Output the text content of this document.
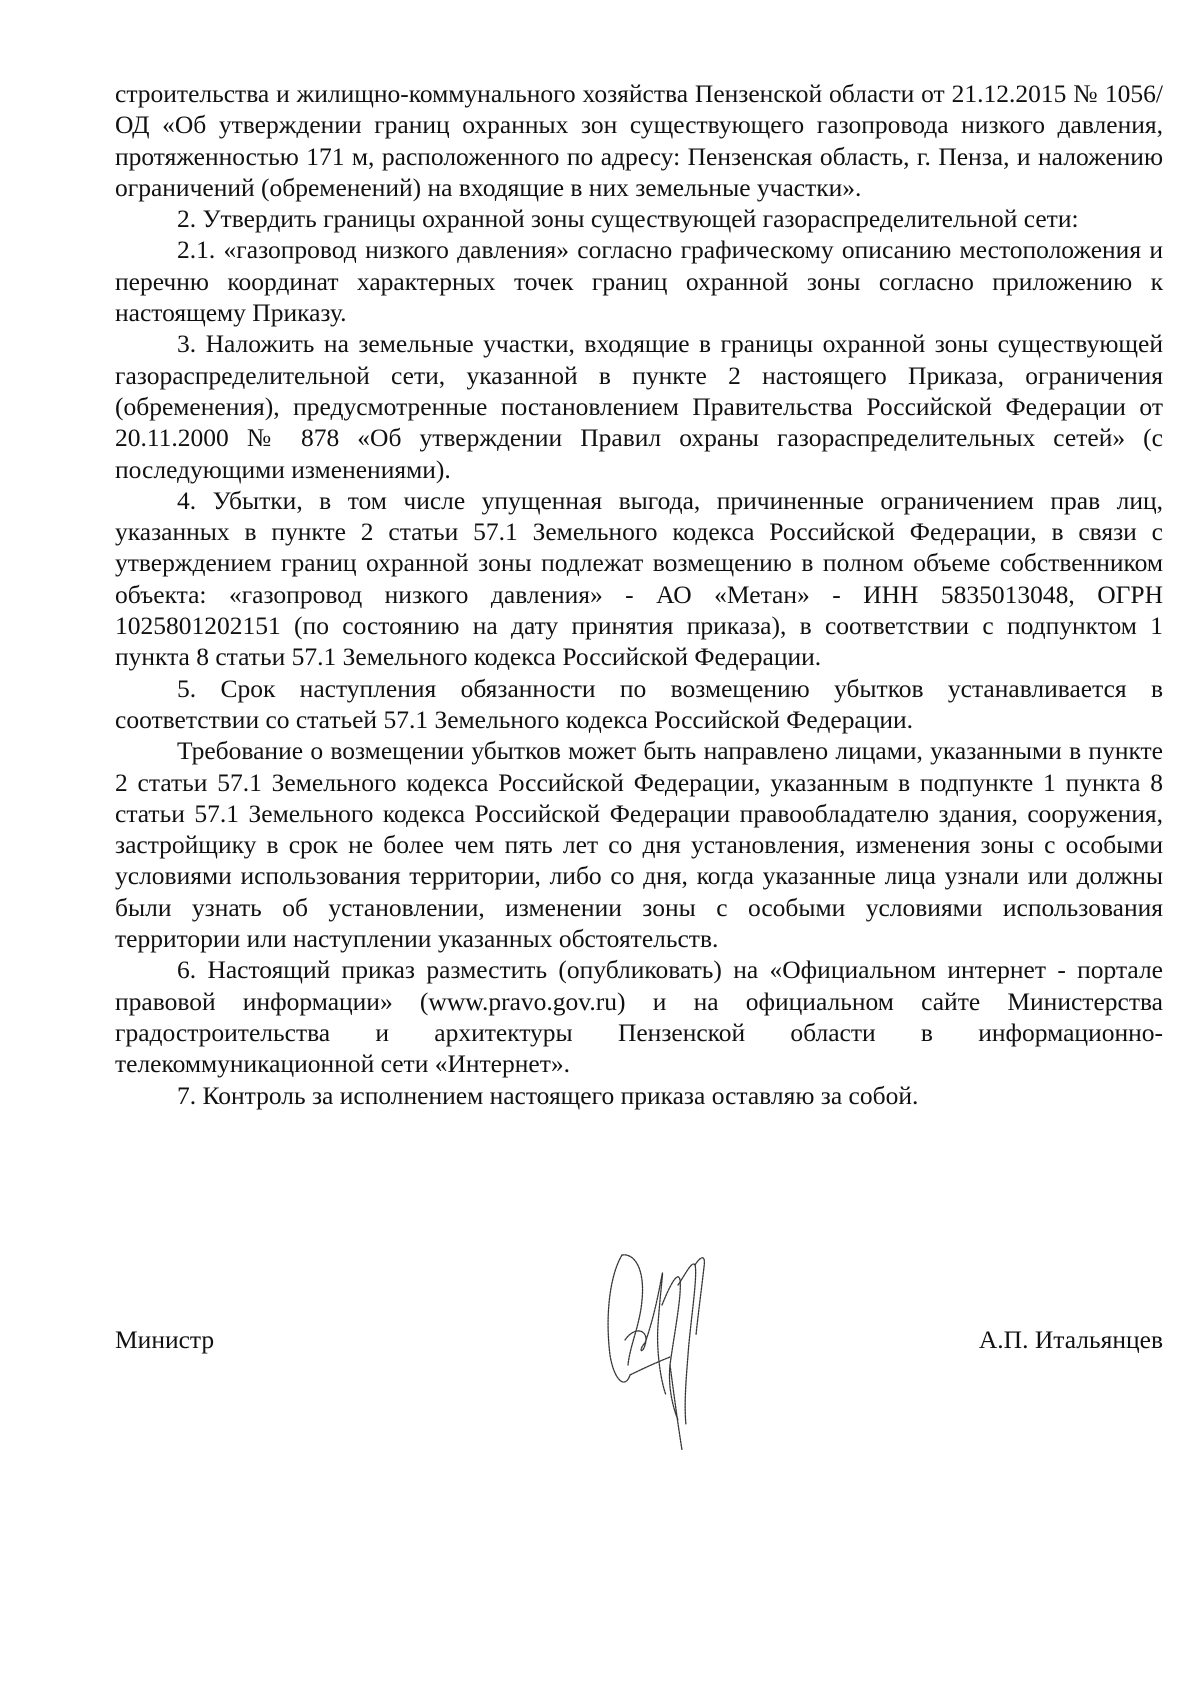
строительства и жилищно-коммунального хозяйства Пензенской области от 21.12.2015 № 1056/ОД «Об утверждении границ охранных зон существующего газопровода низкого давления, протяженностью 171 м, расположенного по адресу: Пензенская область, г. Пенза, и наложению ограничений (обременений) на входящие в них земельные участки».

2. Утвердить границы охранной зоны существующей газораспределительной сети:

2.1. «газопровод низкого давления» согласно графическому описанию местоположения и перечню координат характерных точек границ охранной зоны согласно приложению к настоящему Приказу.

3. Наложить на земельные участки, входящие в границы охранной зоны существующей газораспределительной сети, указанной в пункте 2 настоящего Приказа, ограничения (обременения), предусмотренные постановлением Правительства Российской Федерации от 20.11.2000 № 878 «Об утверждении Правил охраны газораспределительных сетей» (с последующими изменениями).

4. Убытки, в том числе упущенная выгода, причиненные ограничением прав лиц, указанных в пункте 2 статьи 57.1 Земельного кодекса Российской Федерации, в связи с утверждением границ охранной зоны подлежат возмещению в полном объеме собственником объекта: «газопровод низкого давления» - АО «Метан» - ИНН 5835013048, ОГРН 1025801202151 (по состоянию на дату принятия приказа), в соответствии с подпунктом 1 пункта 8 статьи 57.1 Земельного кодекса Российской Федерации.

5. Срок наступления обязанности по возмещению убытков устанавливается в соответствии со статьей 57.1 Земельного кодекса Российской Федерации.

Требование о возмещении убытков может быть направлено лицами, указанными в пункте 2 статьи 57.1 Земельного кодекса Российской Федерации, указанным в подпункте 1 пункта 8 статьи 57.1 Земельного кодекса Российской Федерации правообладателю здания, сооружения, застройщику в срок не более чем пять лет со дня установления, изменения зоны с особыми условиями использования территории, либо со дня, когда указанные лица узнали или должны были узнать об установлении, изменении зоны с особыми условиями использования территории или наступлении указанных обстоятельств.

6. Настоящий приказ разместить (опубликовать) на «Официальном интернет - портале правовой информации» (www.pravo.gov.ru) и на официальном сайте Министерства градостроительства и архитектуры Пензенской области в информационно-телекоммуникационной сети «Интернет».

7. Контроль за исполнением настоящего приказа оставляю за собой.

Министр	А.П. Итальянцев
